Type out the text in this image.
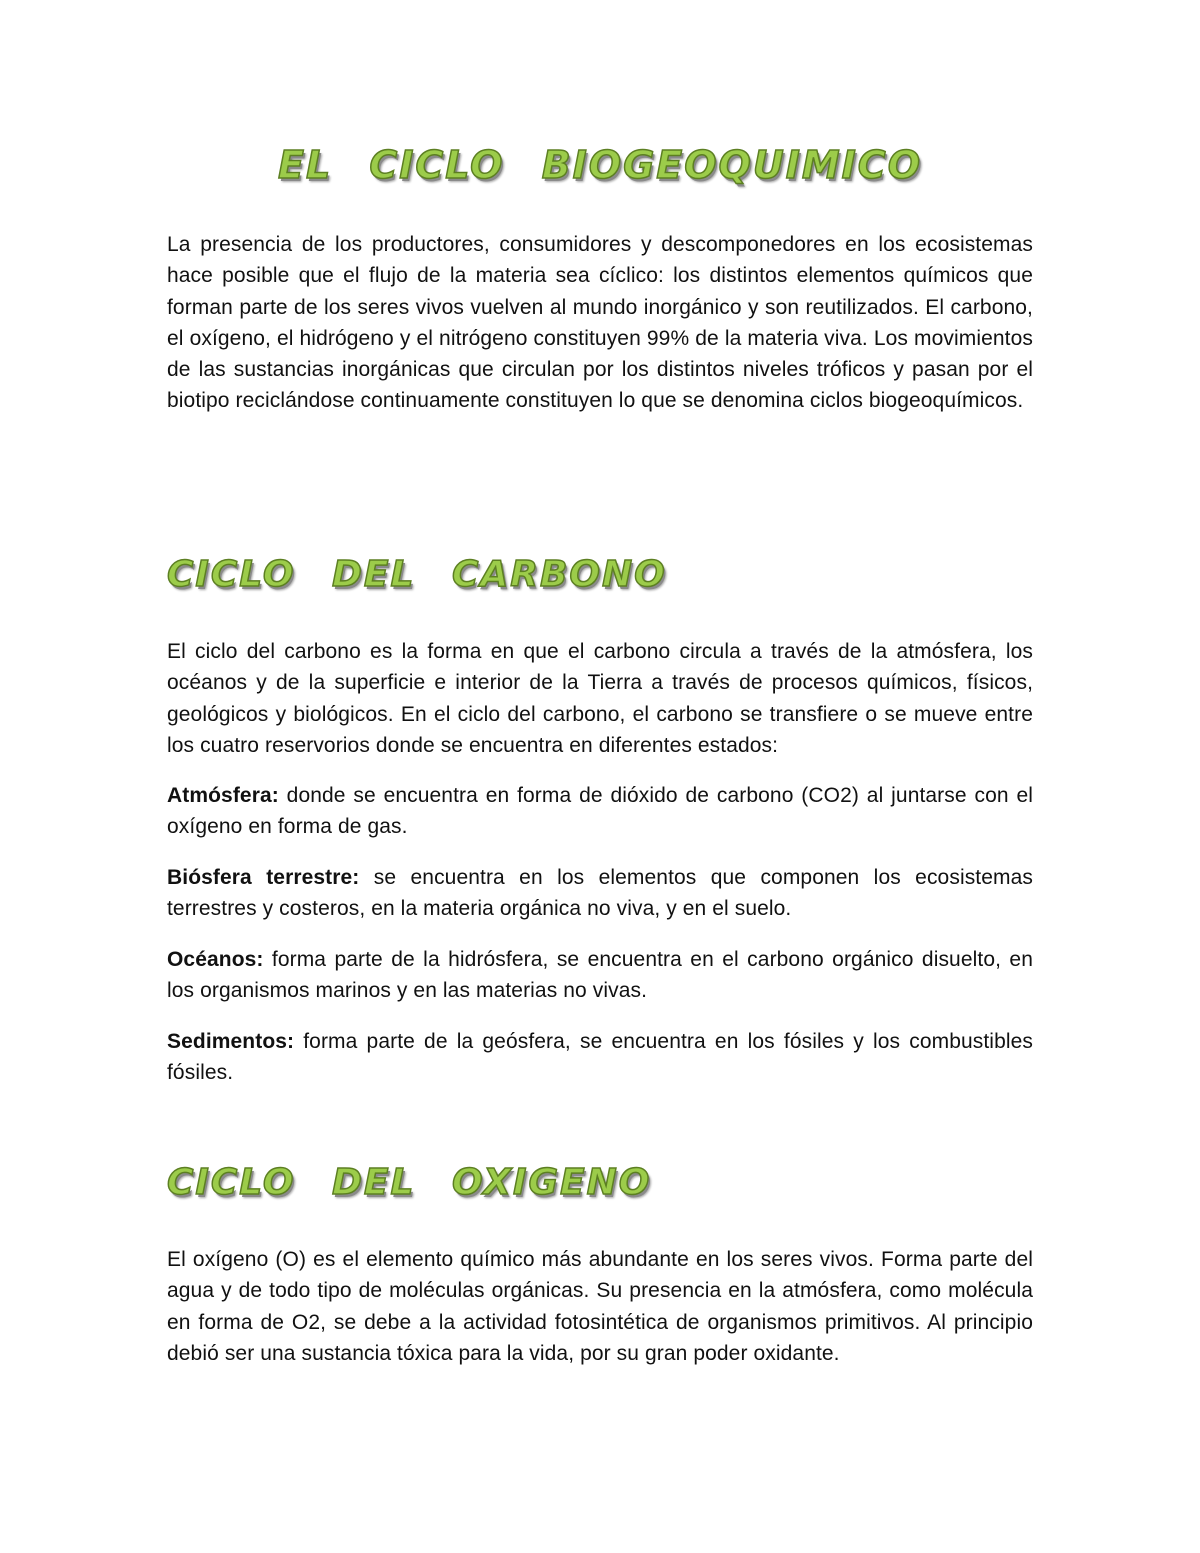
EL CICLO BIOGEOQUIMICO

La presencia de los productores, consumidores y descomponedores en los ecosistemas hace posible que el flujo de la materia sea cíclico: los distintos elementos químicos que forman parte de los seres vivos vuelven al mundo inorgánico y son reutilizados. El carbono, el oxígeno, el hidrógeno y el nitrógeno constituyen 99% de la materia viva. Los movimientos de las sustancias inorgánicas que circulan por los distintos niveles tróficos y pasan por el biotipo reciclándose continuamente constituyen lo que se denomina ciclos biogeoquímicos.

CICLO DEL CARBONO

El ciclo del carbono es la forma en que el carbono circula a través de la atmósfera, los océanos y de la superficie e interior de la Tierra a través de procesos químicos, físicos, geológicos y biológicos. En el ciclo del carbono, el carbono se transfiere o se mueve entre los cuatro reservorios donde se encuentra en diferentes estados:

Atmósfera: donde se encuentra en forma de dióxido de carbono (CO2) al juntarse con el oxígeno en forma de gas.

Biósfera terrestre: se encuentra en los elementos que componen los ecosistemas terrestres y costeros, en la materia orgánica no viva, y en el suelo.

Océanos: forma parte de la hidrósfera, se encuentra en el carbono orgánico disuelto, en los organismos marinos y en las materias no vivas.

Sedimentos: forma parte de la geósfera, se encuentra en los fósiles y los combustibles fósiles.

CICLO DEL OXIGENO

El oxígeno (O) es el elemento químico más abundante en los seres vivos. Forma parte del agua y de todo tipo de moléculas orgánicas. Su presencia en la atmósfera, como molécula en forma de O2, se debe a la actividad fotosintética de organismos primitivos. Al principio debió ser una sustancia tóxica para la vida, por su gran poder oxidante.
